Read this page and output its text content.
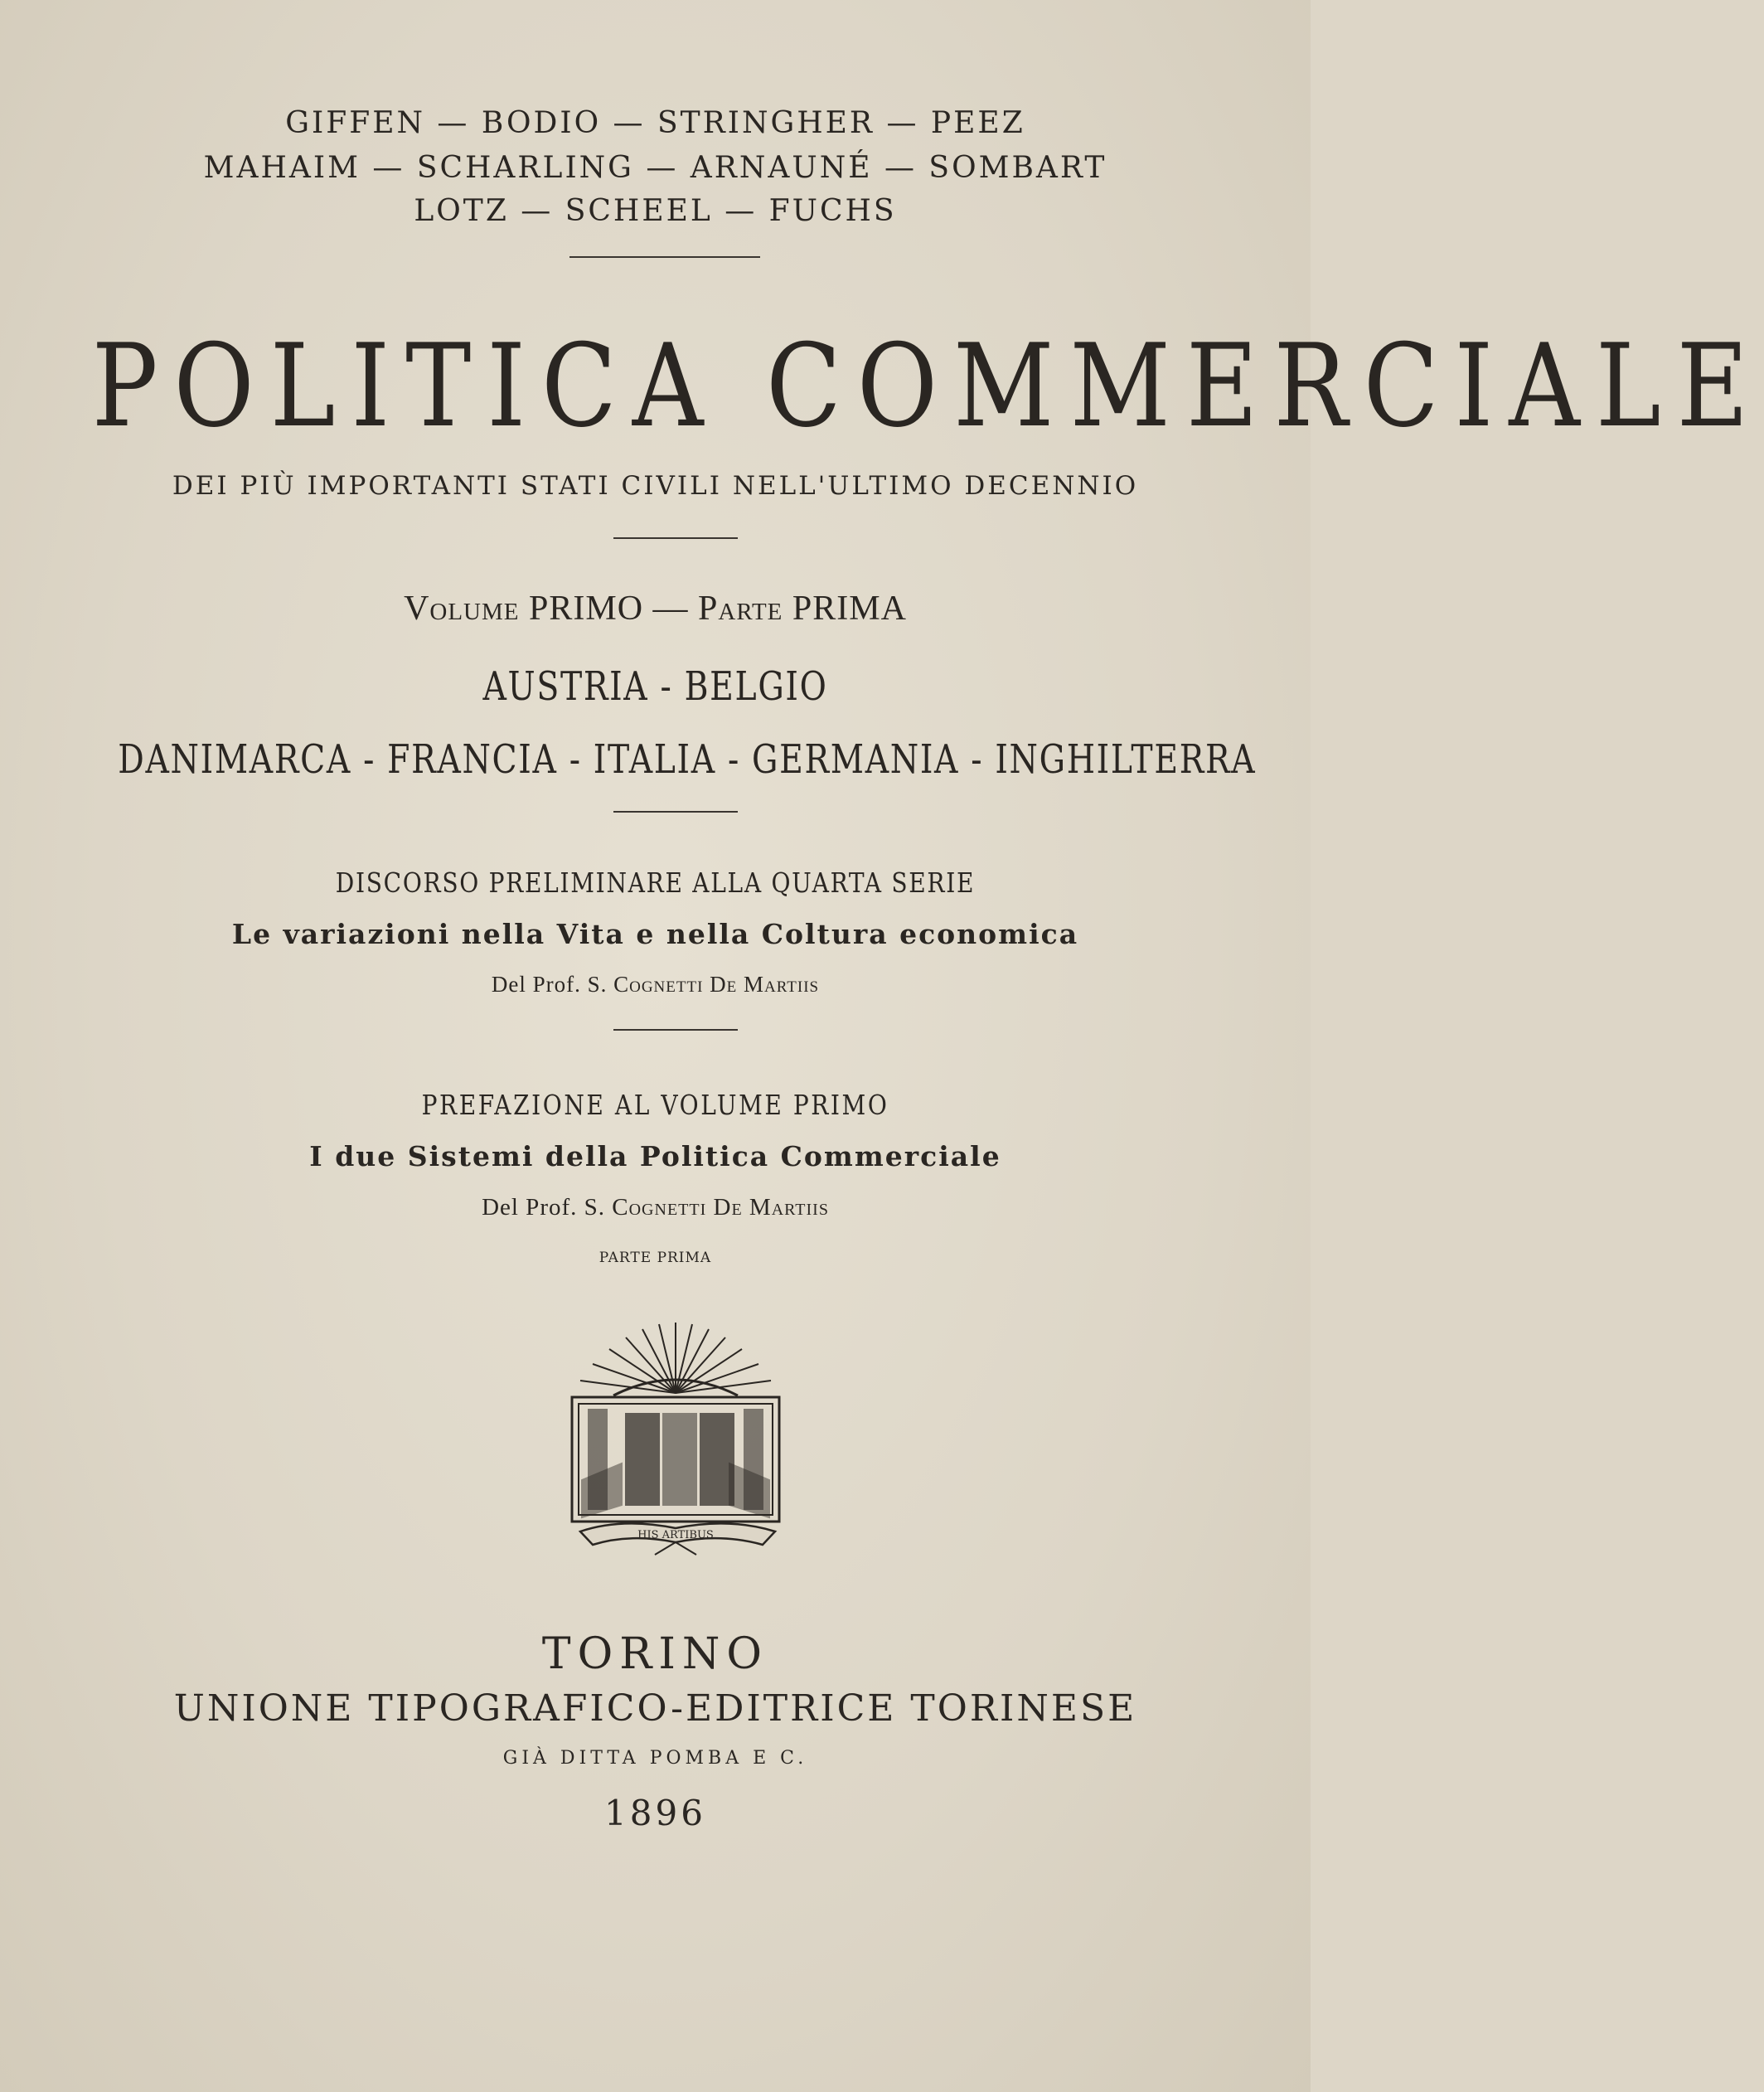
GIFFEN — BODIO — STRINGHER — PEEZ

MAHAIM — SCHARLING — ARNAUNÉ — SOMBART

LOTZ — SCHEEL — FUCHS

POLITICA COMMERCIALE

DEI PIÙ IMPORTANTI STATI CIVILI NELL'ULTIMO DECENNIO

Volume PRIMO — Parte PRIMA

AUSTRIA - BELGIO

DANIMARCA - FRANCIA - ITALIA - GERMANIA - INGHILTERRA

DISCORSO PRELIMINARE ALLA QUARTA SERIE

Le variazioni nella Vita e nella Coltura economica

Del Prof. S. Cognetti De Martiis

PREFAZIONE AL VOLUME PRIMO

I due Sistemi della Politica Commerciale

Del Prof. S. Cognetti De Martiis

PARTE PRIMA

HIS ARTIBUS

TORINO

UNIONE TIPOGRAFICO-EDITRICE TORINESE

GIÀ DITTA POMBA E C.

1896
